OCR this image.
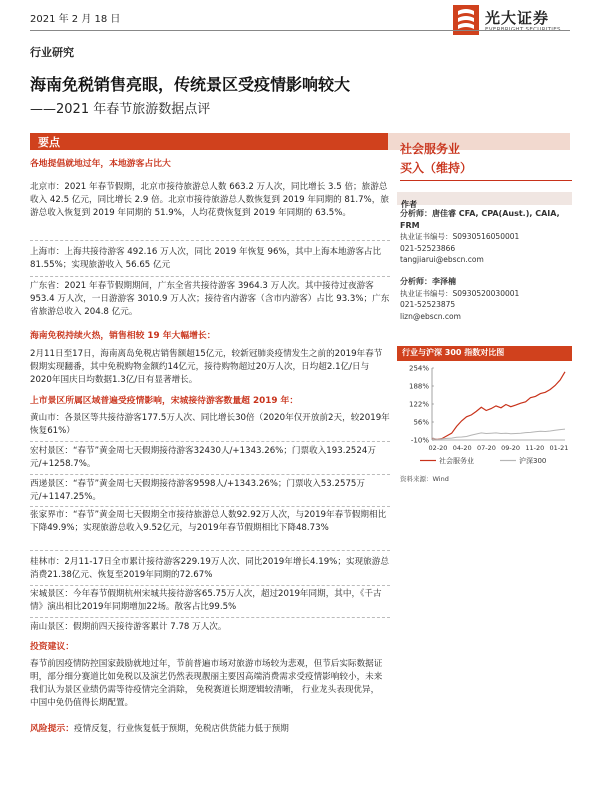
2021 年 2 月 18 日	光大证券
EVERBRIGHT SECURITIES
行业研究
海南免税销售亮眼，传统景区受疫情影响较大
——2021 年春节旅游数据点评
要点
各地提倡就地过年，本地游客占比大
北京市：2021 年春节假期，北京市接待旅游总人数 663.2 万人次，同比增长 3.5 倍；旅游总收入 42.5 亿元，同比增长 2.9 倍。北京市接待旅游总人数恢复到 2019 年同期的 81.7%，旅游总收入恢复到 2019 年同期的 51.9%，人均花费恢复到 2019 年同期的 63.5%。
上海市：上海共接待游客 492.16 万人次，同比 2019 年恢复 96%，其中上海本地游客占比 81.55%；实现旅游收入 56.65 亿元
广东省：2021 年春节假期期间，广东全省共接待游客 3964.3 万人次。其中接待过夜游客 953.4 万人次，一日游游客 3010.9 万人次；接待省内游客（含市内游客）占比 93.3%；广东省旅游总收入 204.8 亿元。
海南免税持续火热，销售相较 19 年大幅增长：
2月11日至17日，海南离岛免税店销售额超15亿元，较新冠肺炎疫情发生之前的2019年春节假期实现翻番，其中免税购物金额约14亿元，接待购物超过20万人次，日均超2.1亿/日与2020年国庆日均数据1.3亿/日有显著增长。
上市景区所属区域普遍受疫情影响，宋城接待游客数量超 2019 年：
黄山市：各景区等共接待游客177.5万人次、同比增长30倍（2020年仅开放前2天，较2019年恢复61%）
宏村景区：“春节”黄金周七天假期接待游客32430人/+1343.26%；门票收入193.2524万元/+1258.7%。
西递景区：“春节”黄金周七天假期接待游客9598人/+1343.26%；门票收入53.2575万元/+1147.25%。
张家界市：“春节”黄金周七天假期全市接待旅游总人数92.92万人次，与2019年春节假期相比下降49.9%；实现旅游总收入9.52亿元，与2019年春节假期相比下降48.73%
桂林市：2月11-17日全市累计接待游客229.19万人次、同比2019年增长4.19%；实现旅游总消费21.38亿元、恢复至2019年同期的72.67%
宋城景区：今年春节假期杭州宋城共接待游客65.75万人次，超过2019年同期，其中，《千古情》演出相比2019年同期增加22场。散客占比99.5%
南山景区：假期前四天接待游客累计 7.78 万人次。
投资建议：
春节前因疫情防控国家鼓励就地过年，节前普遍市场对旅游市场较为悲观，但节后实际数据证明，部分细分赛道比如免税以及演艺仍然表现靓丽主要因高端消费需求受疫情影响较小，未来我们认为景区业绩仍需等待疫情完全消除， 免税赛道长期逻辑较清晰， 行业龙头表现优异， 中国中免仍值得长期配置。
风险提示：疫情反复，行业恢复低于预期，免税店供货能力低于预期
社会服务业
买入（维持）
作者
分析师：唐佳睿 CFA, CPA(Aust.), CAIA, FRM
执业证书编号：S0930516050001
021-52523866
tangjiarui@ebscn.com
分析师：李泽楠
执业证书编号：S0930520030001
021-52523875
lizn@ebscn.com
行业与沪深 300 指数对比图
254%
188%
122%
56%
-10%
02-20 04-20 07-20 09-20 11-20 01-21
社会服务业	沪深300
资料来源：Wind
